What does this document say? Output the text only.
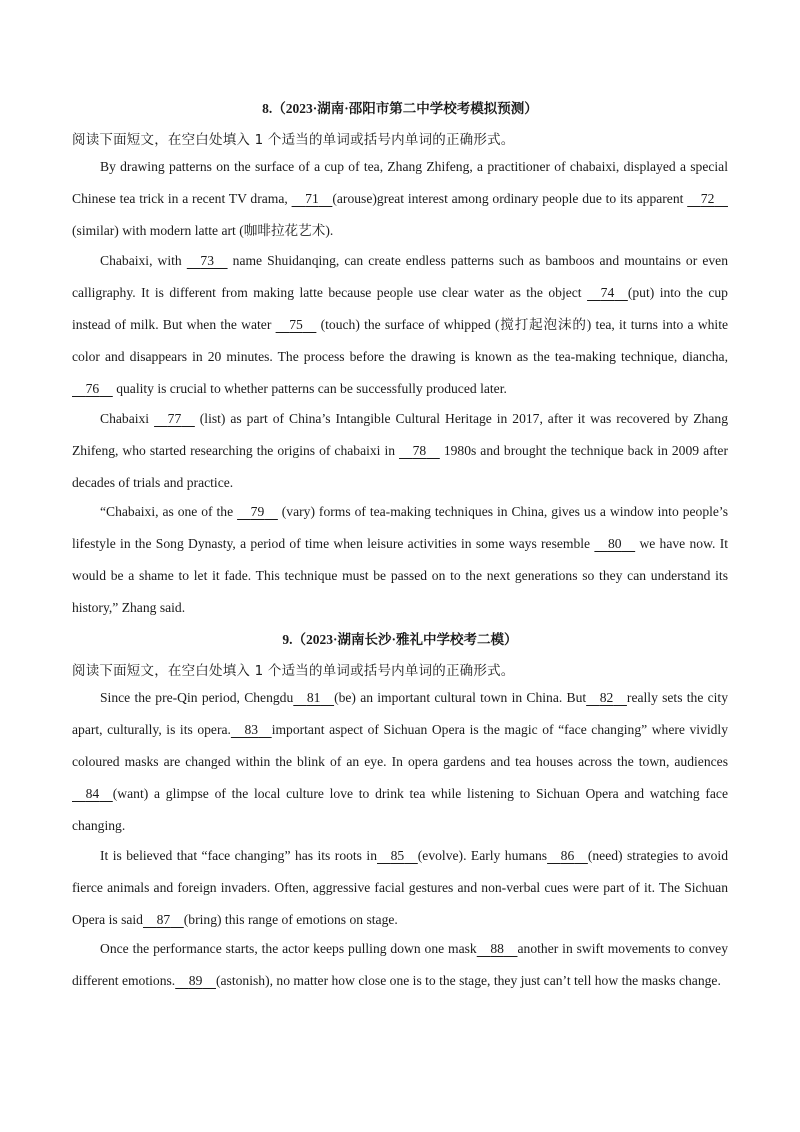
8.（2023·湖南·邵阳市第二中学校考模拟预测）
阅读下面短文，在空白处填入 1 个适当的单词或括号内单词的正确形式。

By drawing patterns on the surface of a cup of tea, Zhang Zhifeng, a practitioner of chabaixi, displayed a special Chinese tea trick in a recent TV drama, 71 (arouse)great interest among ordinary people due to its apparent 72 (similar) with modern latte art (咖啡拉花艺术).

Chabaixi, with 73 name Shuidanqing, can create endless patterns such as bamboos and mountains or even calligraphy. It is different from making latte because people use clear water as the object 74 (put) into the cup instead of milk. But when the water 75 (touch) the surface of whipped (搅打起泡沫的) tea, it turns into a white color and disappears in 20 minutes. The process before the drawing is known as the tea-making technique, diancha, 76 quality is crucial to whether patterns can be successfully produced later.

Chabaixi 77 (list) as part of China’s Intangible Cultural Heritage in 2017, after it was recovered by Zhang Zhifeng, who started researching the origins of chabaixi in 78 1980s and brought the technique back in 2009 after decades of trials and practice.

“Chabaixi, as one of the 79 (vary) forms of tea-making techniques in China, gives us a window into people’s lifestyle in the Song Dynasty, a period of time when leisure activities in some ways resemble 80 we have now. It would be a shame to let it fade. This technique must be passed on to the next generations so they can understand its history,” Zhang said.

9.（2023·湖南长沙·雅礼中学校考二模）
阅读下面短文，在空白处填入 1 个适当的单词或括号内单词的正确形式。

Since the pre-Qin period, Chengdu 81 (be) an important cultural town in China. But 82 really sets the city apart, culturally, is its opera. 83 important aspect of Sichuan Opera is the magic of “face changing” where vividly coloured masks are changed within the blink of an eye. In opera gardens and tea houses across the town, audiences 84 (want) a glimpse of the local culture love to drink tea while listening to Sichuan Opera and watching face changing.

It is believed that “face changing” has its roots in 85 (evolve). Early humans 86 (need) strategies to avoid fierce animals and foreign invaders. Often, aggressive facial gestures and non-verbal cues were part of it. The Sichuan Opera is said 87 (bring) this range of emotions on stage.

Once the performance starts, the actor keeps pulling down one mask 88 another in swift movements to convey different emotions. 89 (astonish), no matter how close one is to the stage, they just can’t tell how the masks change.
